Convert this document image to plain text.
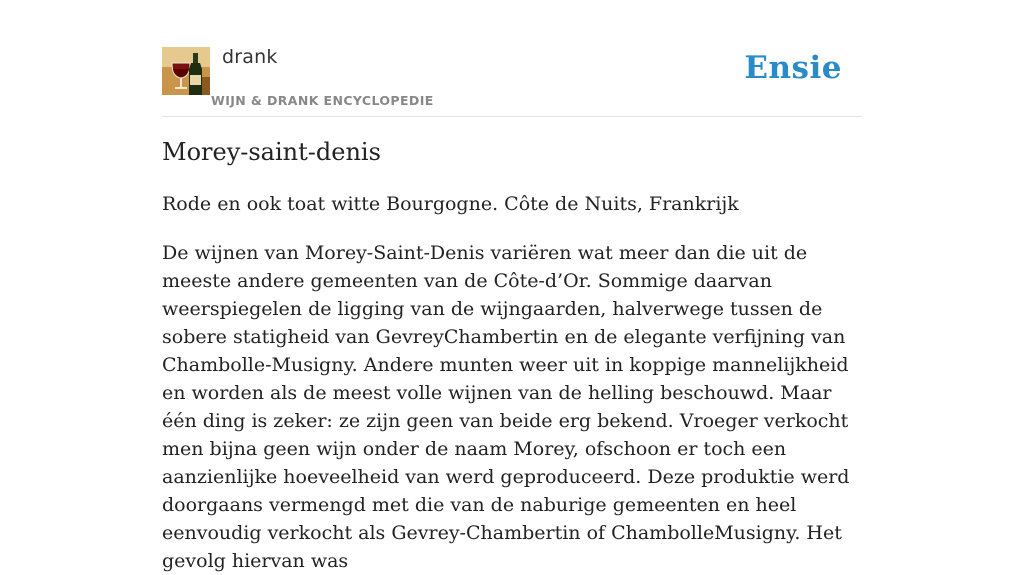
drank
WIJN & DRANK ENCYCLOPEDIE
Ensie
Morey-saint-denis

Rode en ook toat witte Bourgogne. Côte de Nuits, Frankrijk

De wijnen van Morey-Saint-Denis variëren wat meer dan die uit de meeste andere gemeenten van de Côte-d’Or. Sommige daarvan weerspiegelen de ligging van de wijngaarden, halverwege tussen de sobere statigheid van GevreyChambertin en de elegante verfijning van Chambolle-Musigny. Andere munten weer uit in koppige mannelijkheid en worden als de meest volle wijnen van de helling beschouwd. Maar één ding is zeker: ze zijn geen van beide erg bekend. Vroeger verkocht men bijna geen wijn onder de naam Morey, ofschoon er toch een aanzienlijke hoeveelheid van werd geproduceerd. Deze produktie werd doorgaans vermengd met die van de naburige gemeenten en heel eenvoudig verkocht als Gevrey-Chambertin of ChambolleMusigny. Het gevolg hiervan was
